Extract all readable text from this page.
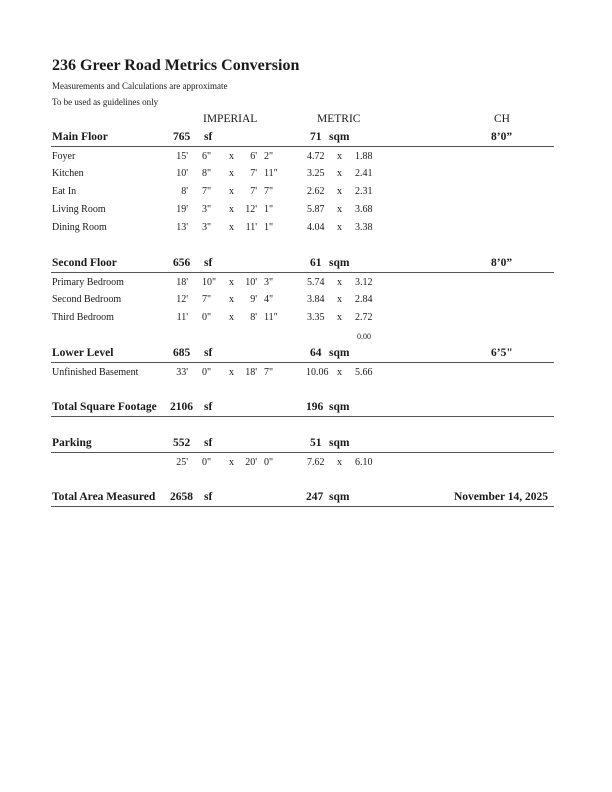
236 Greer Road Metrics Conversion
Measurements and Calculations are approximate
To be used as guidelines only
IMPERIAL	METRIC	CH
Main Floor	765 sf	71 sqm	8’0”
Foyer	15' 6" x	6' 2"	4.72 x 1.88
Kitchen	10' 8" x	7' 11"	3.25 x 2.41
Eat In	8' 7" x	7' 7"	2.62 x 2.31
Living Room	19' 3" x	12' 1"	5.87 x 3.68
Dining Room	13' 3" x	11' 1"	4.04 x 3.38
Second Floor	656 sf	61 sqm	8’0”
Primary Bedroom	18' 10" x	10' 3"	5.74 x 3.12
Second Bedroom	12' 7" x	9' 4"	3.84 x 2.84
Third Bedroom	11' 0" x	8' 11"	3.35 x 2.72
0.00
Lower Level	685 sf	64 sqm	6’5"
Unfinished Basement	33' 0" x	18' 7"	10.06 x 5.66
Total Square Footage 2106 sf	196 sqm
Parking	552 sf	51 sqm
25' 0" x	20' 0"	7.62 x 6.10
Total Area Measured 2658 sf	247 sqm	November 14, 2025
